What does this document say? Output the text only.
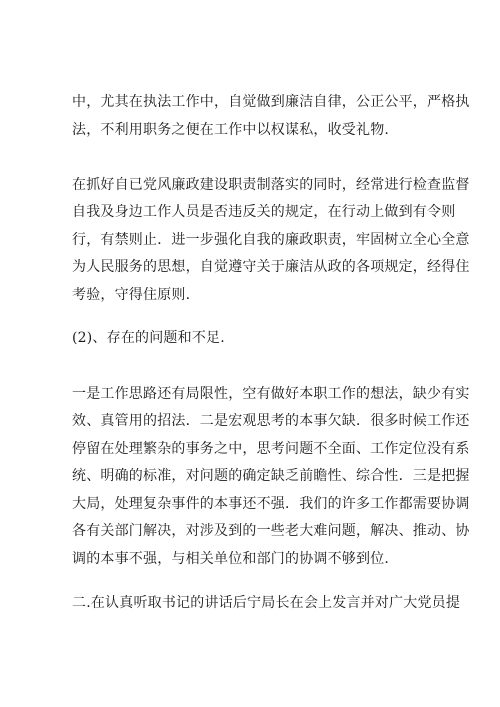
中，尤其在执法工作中，自觉做到廉洁自律，公正公平，严格执
法，不利用职务之便在工作中以权谋私，收受礼物.
在抓好自已党风廉政建设职责制落实的同时，经常进行检查监督
自我及身边工作人员是否违反关的规定，在行动上做到有令则
行，有禁则止．进一步强化自我的廉政职责，牢固树立全心全意
为人民服务的思想，自觉遵守关于廉洁从政的各项规定，经得住
考验，守得住原则.
(2)、存在的问题和不足.
一是工作思路还有局限性，空有做好本职工作的想法，缺少有实
效、真管用的招法．二是宏观思考的本事欠缺．很多时候工作还
停留在处理繁杂的事务之中，思考问题不全面、工作定位没有系
统、明确的标准，对问题的确定缺乏前瞻性、综合性．三是把握
大局，处理复杂事件的本事还不强．我们的许多工作都需要协调
各有关部门解决，对涉及到的一些老大难问题，解决、推动、协
调的本事不强，与相关单位和部门的协调不够到位.
二.在认真听取书记的讲话后宁局长在会上发言并对广大党员提
